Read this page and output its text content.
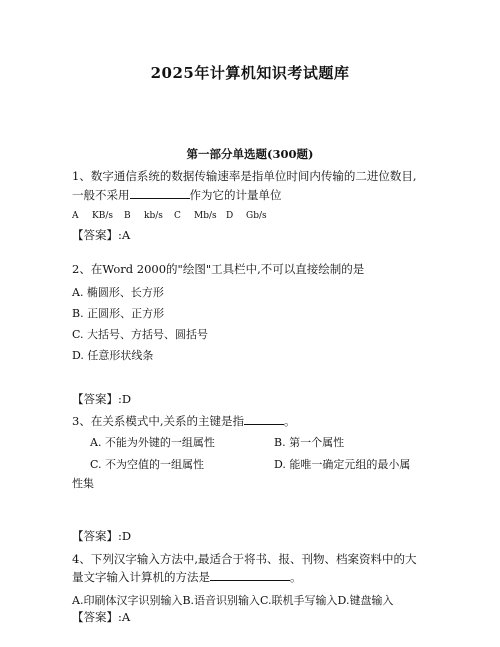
2025年计算机知识考试题库
第一部分单选题(300题)
1、数字通信系统的数据传输速率是指单位时间内传输的二进位数目,
一般不采用	作为它的计量单位
A KB/s B kb/s C Mb/s D Gb/s
【答案】:A
2、在Word 2000的"绘图"工具栏中,不可以直接绘制的是
A. 椭圆形、长方形
B. 正圆形、正方形
C. 大括号、方括号、圆括号
D. 任意形状线条
【答案】:D
3、在关系模式中,关系的主键是指	。
A. 不能为外键的一组属性	B. 第一个属性
C. 不为空值的一组属性	D. 能唯一确定元组的最小属
性集
【答案】:D
4、下列汉字输入方法中,最适合于将书、报、刊物、档案资料中的大
量文字输入计算机的方法是	。
A.印刷体汉字识别输入B.语音识别输入C.联机手写输入D.键盘输入
【答案】:A
